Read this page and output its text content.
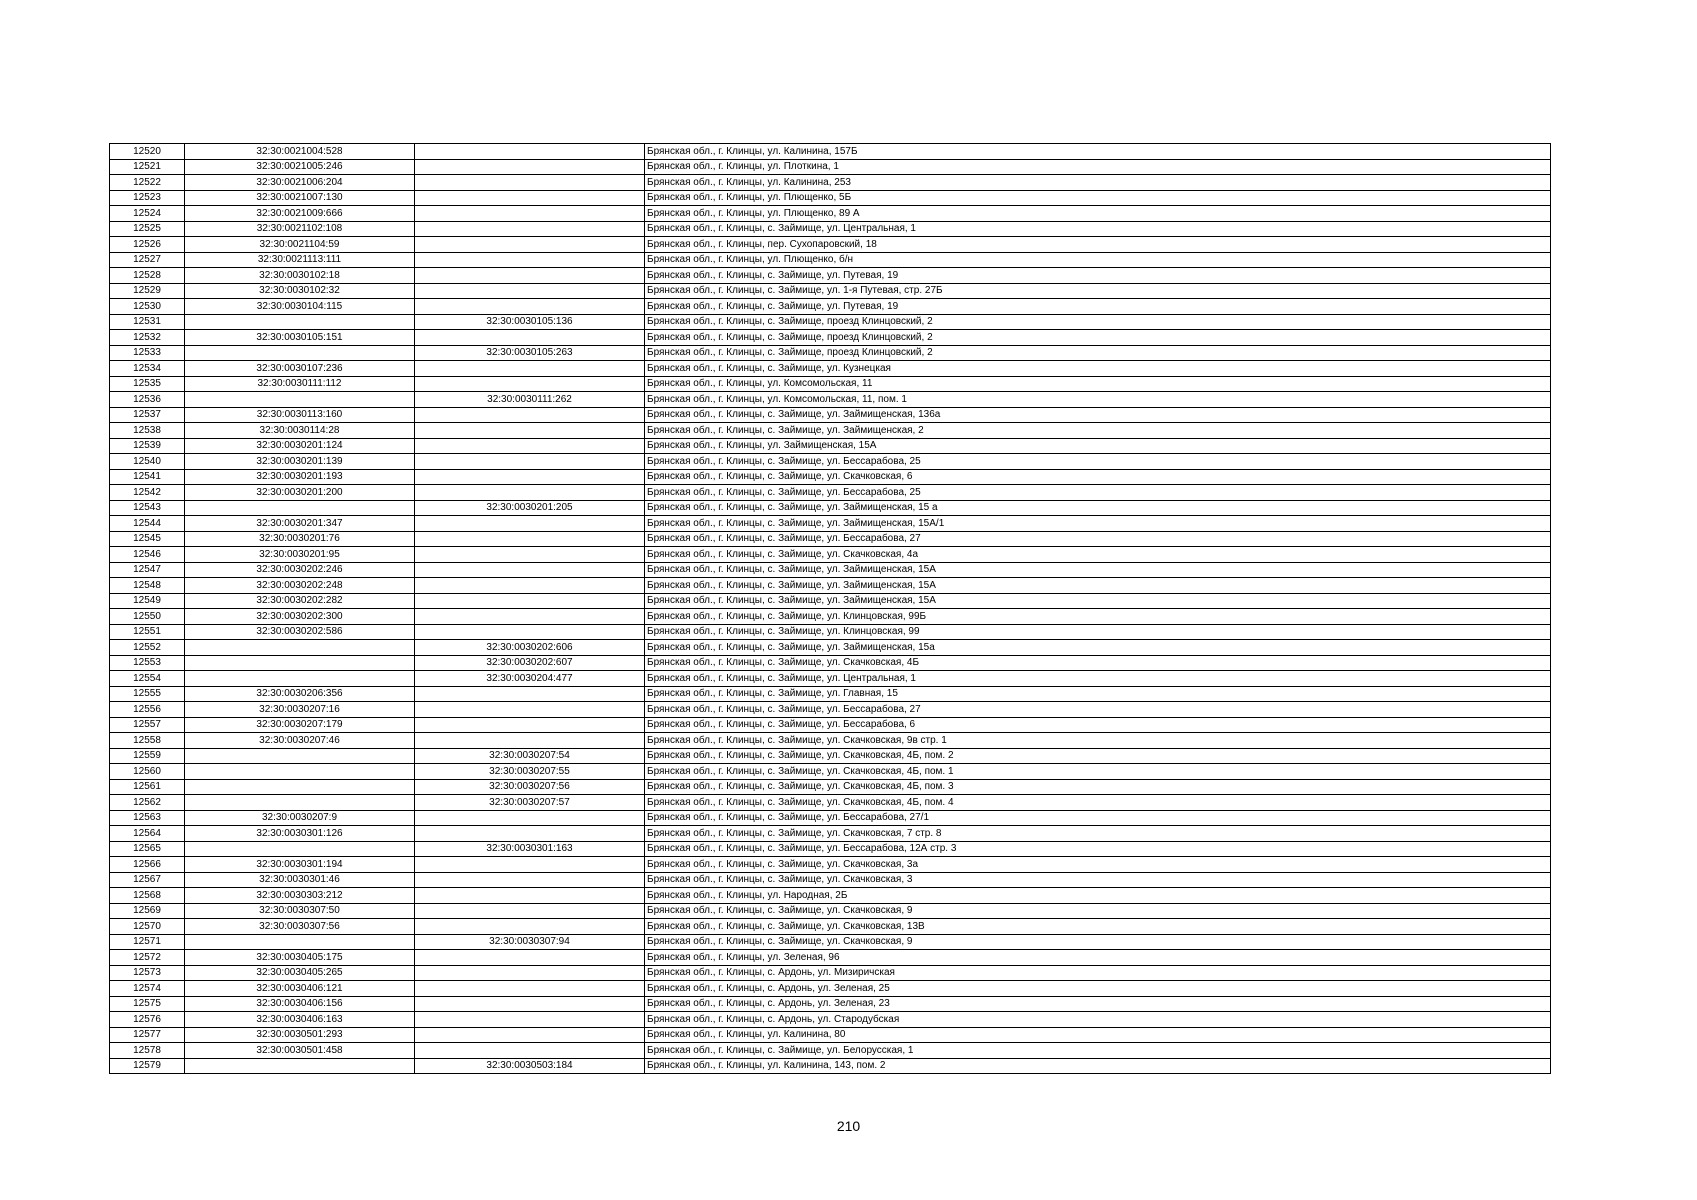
12520	32:30:0021004:528		Брянская обл., г. Клинцы, ул. Калинина, 157Б
12521	32:30:0021005:246		Брянская обл., г. Клинцы, ул. Плоткина, 1
12522	32:30:0021006:204		Брянская обл., г. Клинцы, ул. Калинина, 253
12523	32:30:0021007:130		Брянская обл., г. Клинцы, ул. Плющенко, 5Б
12524	32:30:0021009:666		Брянская обл., г. Клинцы, ул. Плющенко, 89 А
12525	32:30:0021102:108		Брянская обл., г. Клинцы, с. Займище, ул. Центральная, 1
12526	32:30:0021104:59		Брянская обл., г. Клинцы, пер. Сухопаровский, 18
12527	32:30:0021113:111		Брянская обл., г. Клинцы, ул. Плющенко, б/н
12528	32:30:0030102:18		Брянская обл., г. Клинцы, с. Займище, ул. Путевая, 19
12529	32:30:0030102:32		Брянская обл., г. Клинцы, с. Займище, ул. 1-я Путевая, стр. 27Б
12530	32:30:0030104:115		Брянская обл., г. Клинцы, с. Займище, ул. Путевая, 19
12531		32:30:0030105:136	Брянская обл., г. Клинцы, с. Займище, проезд Клинцовский, 2
12532	32:30:0030105:151		Брянская обл., г. Клинцы, с. Займище, проезд Клинцовский, 2
12533		32:30:0030105:263	Брянская обл., г. Клинцы, с. Займище, проезд Клинцовский, 2
12534	32:30:0030107:236		Брянская обл., г. Клинцы, с. Займище, ул. Кузнецкая
12535	32:30:0030111:112		Брянская обл., г. Клинцы, ул. Комсомольская, 11
12536		32:30:0030111:262	Брянская обл., г. Клинцы, ул. Комсомольская, 11, пом. 1
12537	32:30:0030113:160		Брянская обл., г. Клинцы, с. Займище, ул. Займищенская, 136а
12538	32:30:0030114:28		Брянская обл., г. Клинцы, с. Займище, ул. Займищенская, 2
12539	32:30:0030201:124		Брянская обл., г. Клинцы, ул. Займищенская, 15А
12540	32:30:0030201:139		Брянская обл., г. Клинцы, с. Займище, ул. Бессарабова, 25
12541	32:30:0030201:193		Брянская обл., г. Клинцы, с. Займище, ул. Скачковская, 6
12542	32:30:0030201:200		Брянская обл., г. Клинцы, с. Займище, ул. Бессарабова, 25
12543		32:30:0030201:205	Брянская обл., г. Клинцы, с. Займище, ул. Займищенская, 15 а
12544	32:30:0030201:347		Брянская обл., г. Клинцы, с. Займище, ул. Займищенская, 15А/1
12545	32:30:0030201:76		Брянская обл., г. Клинцы, с. Займище, ул. Бессарабова, 27
12546	32:30:0030201:95		Брянская обл., г. Клинцы, с. Займище, ул. Скачковская, 4а
12547	32:30:0030202:246		Брянская обл., г. Клинцы, с. Займище, ул. Займищенская, 15А
12548	32:30:0030202:248		Брянская обл., г. Клинцы, с. Займище, ул. Займищенская, 15А
12549	32:30:0030202:282		Брянская обл., г. Клинцы, с. Займище, ул. Займищенская, 15А
12550	32:30:0030202:300		Брянская обл., г. Клинцы, с. Займище, ул. Клинцовская, 99Б
12551	32:30:0030202:586		Брянская обл., г. Клинцы, с. Займище, ул. Клинцовская, 99
12552		32:30:0030202:606	Брянская обл., г. Клинцы, с. Займище, ул. Займищенская, 15а
12553		32:30:0030202:607	Брянская обл., г. Клинцы, с. Займище, ул. Скачковская, 4Б
12554		32:30:0030204:477	Брянская обл., г. Клинцы, с. Займище, ул. Центральная, 1
12555	32:30:0030206:356		Брянская обл., г. Клинцы, с. Займище, ул. Главная, 15
12556	32:30:0030207:16		Брянская обл., г. Клинцы, с. Займище, ул. Бессарабова, 27
12557	32:30:0030207:179		Брянская обл., г. Клинцы, с. Займище, ул. Бессарабова, 6
12558	32:30:0030207:46		Брянская обл., г. Клинцы, с. Займище, ул. Скачковская, 9в стр. 1
12559		32:30:0030207:54	Брянская обл., г. Клинцы, с. Займище, ул. Скачковская, 4Б, пом. 2
12560		32:30:0030207:55	Брянская обл., г. Клинцы, с. Займище, ул. Скачковская, 4Б, пом. 1
12561		32:30:0030207:56	Брянская обл., г. Клинцы, с. Займище, ул. Скачковская, 4Б, пом. 3
12562		32:30:0030207:57	Брянская обл., г. Клинцы, с. Займище, ул. Скачковская, 4Б, пом. 4
12563	32:30:0030207:9		Брянская обл., г. Клинцы, с. Займище, ул. Бессарабова, 27/1
12564	32:30:0030301:126		Брянская обл., г. Клинцы, с. Займище, ул. Скачковская, 7 стр. 8
12565		32:30:0030301:163	Брянская обл., г. Клинцы, с. Займище, ул. Бессарабова, 12А стр. 3
12566	32:30:0030301:194		Брянская обл., г. Клинцы, с. Займище, ул. Скачковская, 3а
12567	32:30:0030301:46		Брянская обл., г. Клинцы, с. Займище, ул. Скачковская, 3
12568	32:30:0030303:212		Брянская обл., г. Клинцы, ул. Народная, 2Б
12569	32:30:0030307:50		Брянская обл., г. Клинцы, с. Займище, ул. Скачковская, 9
12570	32:30:0030307:56		Брянская обл., г. Клинцы, с. Займище, ул. Скачковская, 13В
12571		32:30:0030307:94	Брянская обл., г. Клинцы, с. Займище, ул. Скачковская, 9
12572	32:30:0030405:175		Брянская обл., г. Клинцы, ул. Зеленая, 96
12573	32:30:0030405:265		Брянская обл., г. Клинцы, с. Ардонь, ул. Мизиричская
12574	32:30:0030406:121		Брянская обл., г. Клинцы, с. Ардонь, ул. Зеленая, 25
12575	32:30:0030406:156		Брянская обл., г. Клинцы, с. Ардонь, ул. Зеленая, 23
12576	32:30:0030406:163		Брянская обл., г. Клинцы, с. Ардонь, ул. Стародубская
12577	32:30:0030501:293		Брянская обл., г. Клинцы, ул. Калинина, 80
12578	32:30:0030501:458		Брянская обл., г. Клинцы, с. Займище, ул. Белорусская, 1
12579		32:30:0030503:184	Брянская обл., г. Клинцы, ул. Калинина, 143, пом. 2
210
